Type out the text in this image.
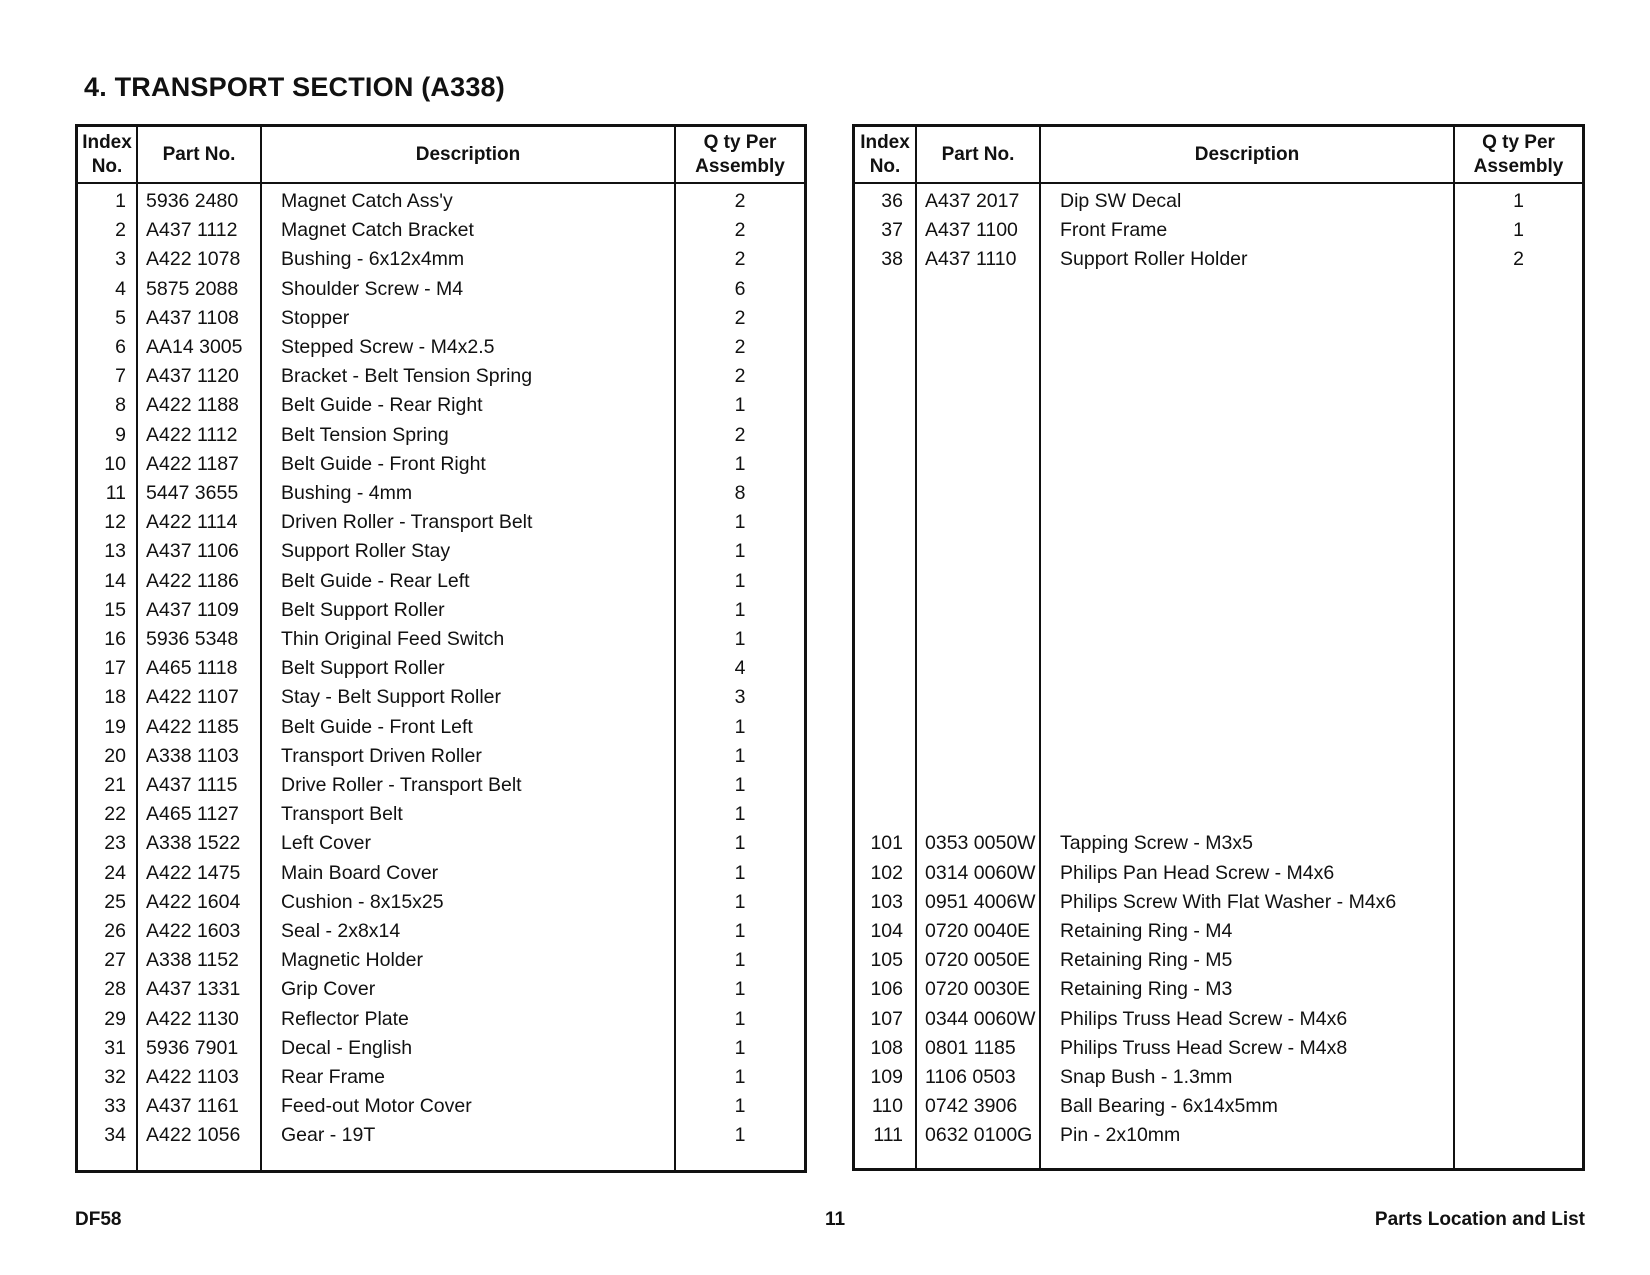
4. TRANSPORT SECTION (A338)
Index
No.
Part No.	Description
Q ty Per
Assembly
1 5936 2480 Magnet Catch Ass'y	2
2 A437 1112 Magnet Catch Bracket	2
3 A422 1078 Bushing - 6x12x4mm	2
4 5875 2088 Shoulder Screw - M4	6
5 A437 1108 Stopper	2
6 AA14 3005 Stepped Screw - M4x2.5	2
7 A437 1120 Bracket - Belt Tension Spring	2
8 A422 1188 Belt Guide - Rear Right	1
9 A422 1112 Belt Tension Spring	2
10 A422 1187 Belt Guide - Front Right	1
11 5447 3655 Bushing - 4mm	8
12 A422 1114 Driven Roller - Transport Belt	1
13 A437 1106 Support Roller Stay	1
14 A422 1186 Belt Guide - Rear Left	1
15 A437 1109 Belt Support Roller	1
16 5936 5348 Thin Original Feed Switch	1
17 A465 1118 Belt Support Roller	4
18 A422 1107 Stay - Belt Support Roller	3
19 A422 1185 Belt Guide - Front Left	1
20 A338 1103 Transport Driven Roller	1
21 A437 1115 Drive Roller - Transport Belt	1
22 A465 1127 Transport Belt	1
23 A338 1522 Left Cover	1
24 A422 1475 Main Board Cover	1
25 A422 1604 Cushion - 8x15x25	1
26 A422 1603 Seal - 2x8x14	1
27 A338 1152 Magnetic Holder	1
28 A437 1331 Grip Cover	1
29 A422 1130 Reflector Plate	1
31 5936 7901 Decal - English	1
32 A422 1103 Rear Frame	1
33 A437 1161 Feed-out Motor Cover	1
34 A422 1056 Gear - 19T	1
Index
No.
Part No.	Description
Q ty Per
Assembly
36 A437 2017 Dip SW Decal	1
37 A437 1100 Front Frame	1
38 A437 1110 Support Roller Holder	2
101 0353 0050W Tapping Screw - M3x5
102 0314 0060W Philips Pan Head Screw - M4x6
103 0951 4006W Philips Screw With Flat Washer - M4x6
104 0720 0040E Retaining Ring - M4
105 0720 0050E Retaining Ring - M5
106 0720 0030E Retaining Ring - M3
107 0344 0060W Philips Truss Head Screw - M4x6
108 0801 1185 Philips Truss Head Screw - M4x8
109 1106 0503 Snap Bush - 1.3mm
110 0742 3906 Ball Bearing - 6x14x5mm
111 0632 0100G Pin - 2x10mm
DF58	11	Parts Location and List
